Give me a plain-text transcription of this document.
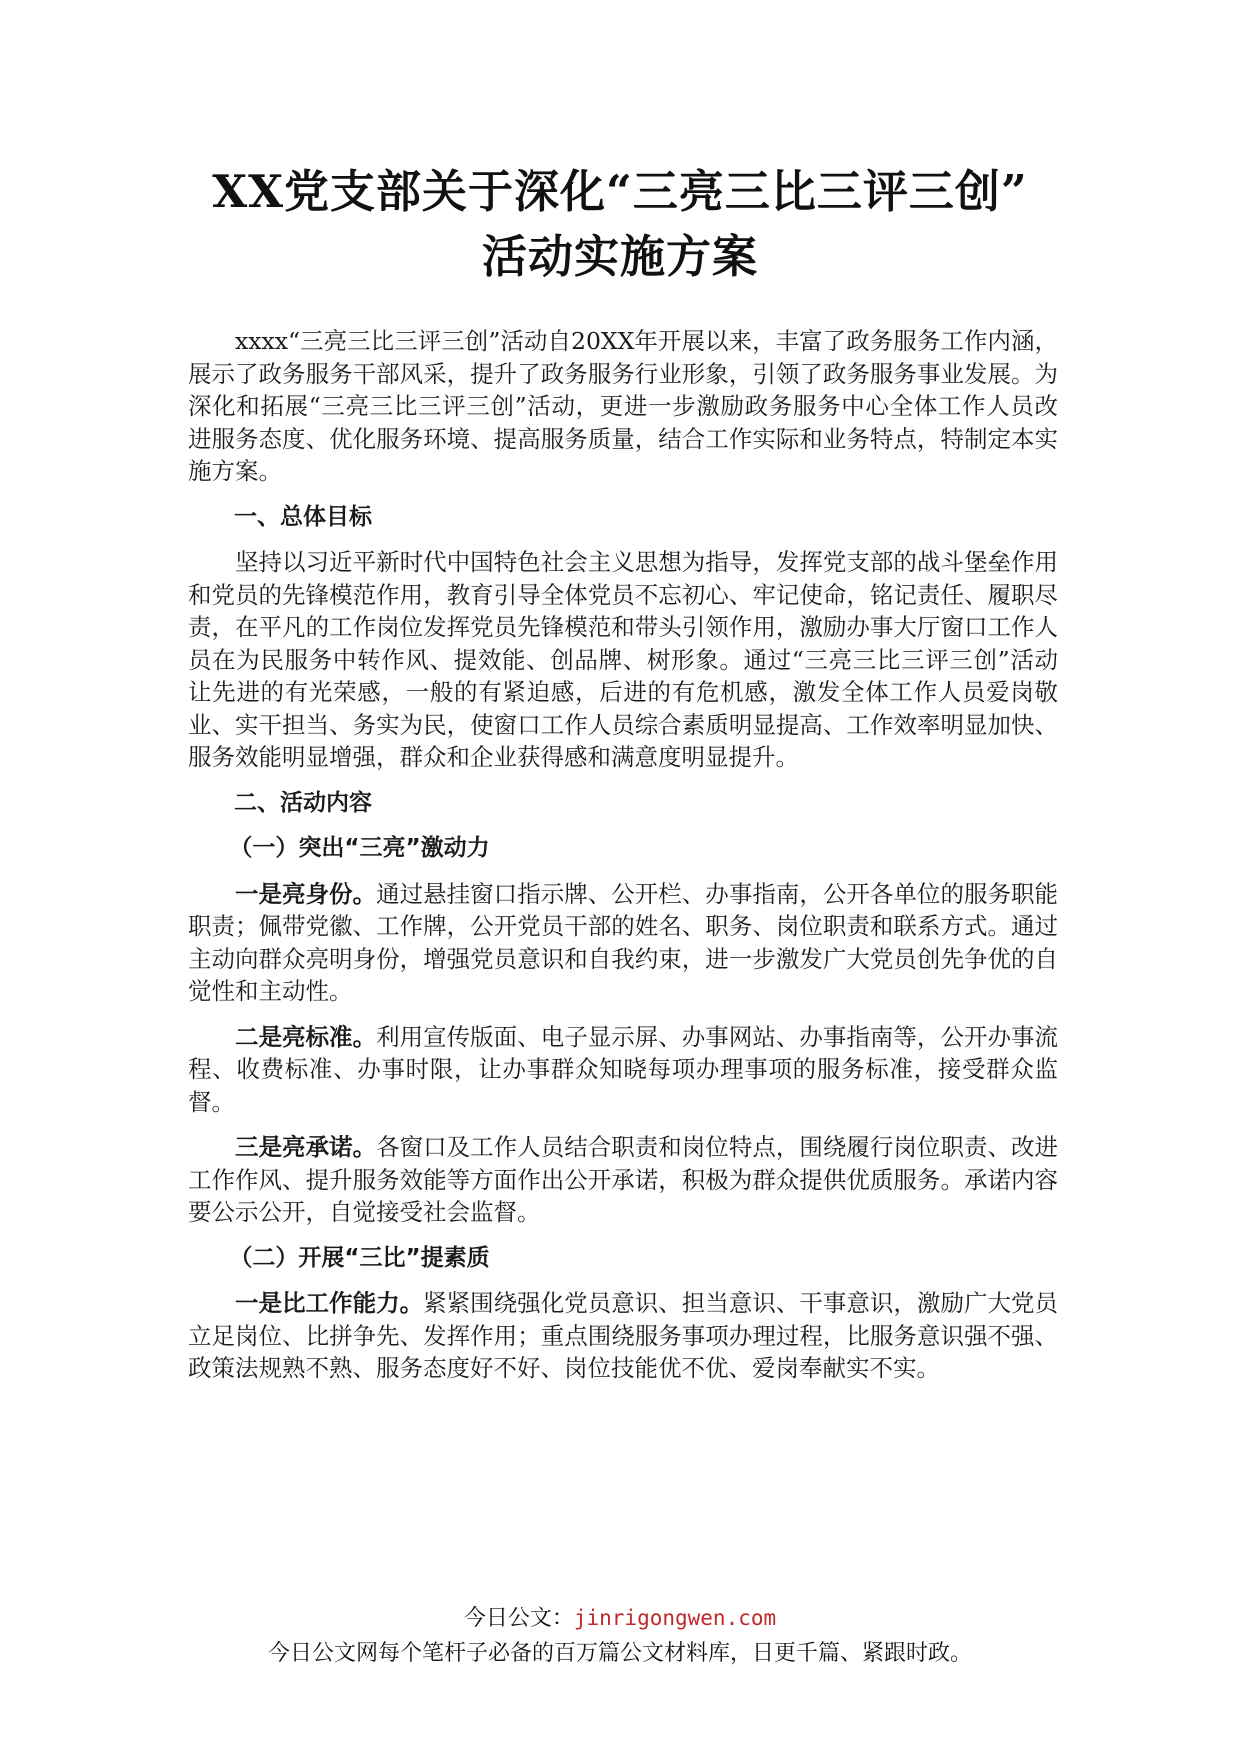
XX党支部关于深化“三亮三比三评三创”
活动实施方案

xxxx“三亮三比三评三创”活动自20XX年开展以来，丰富了政务服务工作内涵，展示了政务服务干部风采，提升了政务服务行业形象，引领了政务服务事业发展。为深化和拓展“三亮三比三评三创”活动，更进一步激励政务服务中心全体工作人员改进服务态度、优化服务环境、提高服务质量，结合工作实际和业务特点，特制定本实施方案。

一、总体目标

坚持以习近平新时代中国特色社会主义思想为指导，发挥党支部的战斗堡垒作用和党员的先锋模范作用，教育引导全体党员不忘初心、牢记使命，铭记责任、履职尽责，在平凡的工作岗位发挥党员先锋模范和带头引领作用，激励办事大厅窗口工作人员在为民服务中转作风、提效能、创品牌、树形象。通过“三亮三比三评三创”活动让先进的有光荣感，一般的有紧迫感，后进的有危机感，激发全体工作人员爱岗敬业、实干担当、务实为民，使窗口工作人员综合素质明显提高、工作效率明显加快、服务效能明显增强，群众和企业获得感和满意度明显提升。

二、活动内容

（一）突出“三亮”激动力

一是亮身份。通过悬挂窗口指示牌、公开栏、办事指南，公开各单位的服务职能职责；佩带党徽、工作牌，公开党员干部的姓名、职务、岗位职责和联系方式。通过主动向群众亮明身份，增强党员意识和自我约束，进一步激发广大党员创先争优的自觉性和主动性。

二是亮标准。利用宣传版面、电子显示屏、办事网站、办事指南等，公开办事流程、收费标准、办事时限，让办事群众知晓每项办理事项的服务标准，接受群众监督。

三是亮承诺。各窗口及工作人员结合职责和岗位特点，围绕履行岗位职责、改进工作作风、提升服务效能等方面作出公开承诺，积极为群众提供优质服务。承诺内容要公示公开，自觉接受社会监督。

（二）开展“三比”提素质

一是比工作能力。紧紧围绕强化党员意识、担当意识、干事意识，激励广大党员立足岗位、比拼争先、发挥作用；重点围绕服务事项办理过程，比服务意识强不强、政策法规熟不熟、服务态度好不好、岗位技能优不优、爱岗奉献实不实。

今日公文：jinrigongwen.com
今日公文网每个笔杆子必备的百万篇公文材料库，日更千篇、紧跟时政。
